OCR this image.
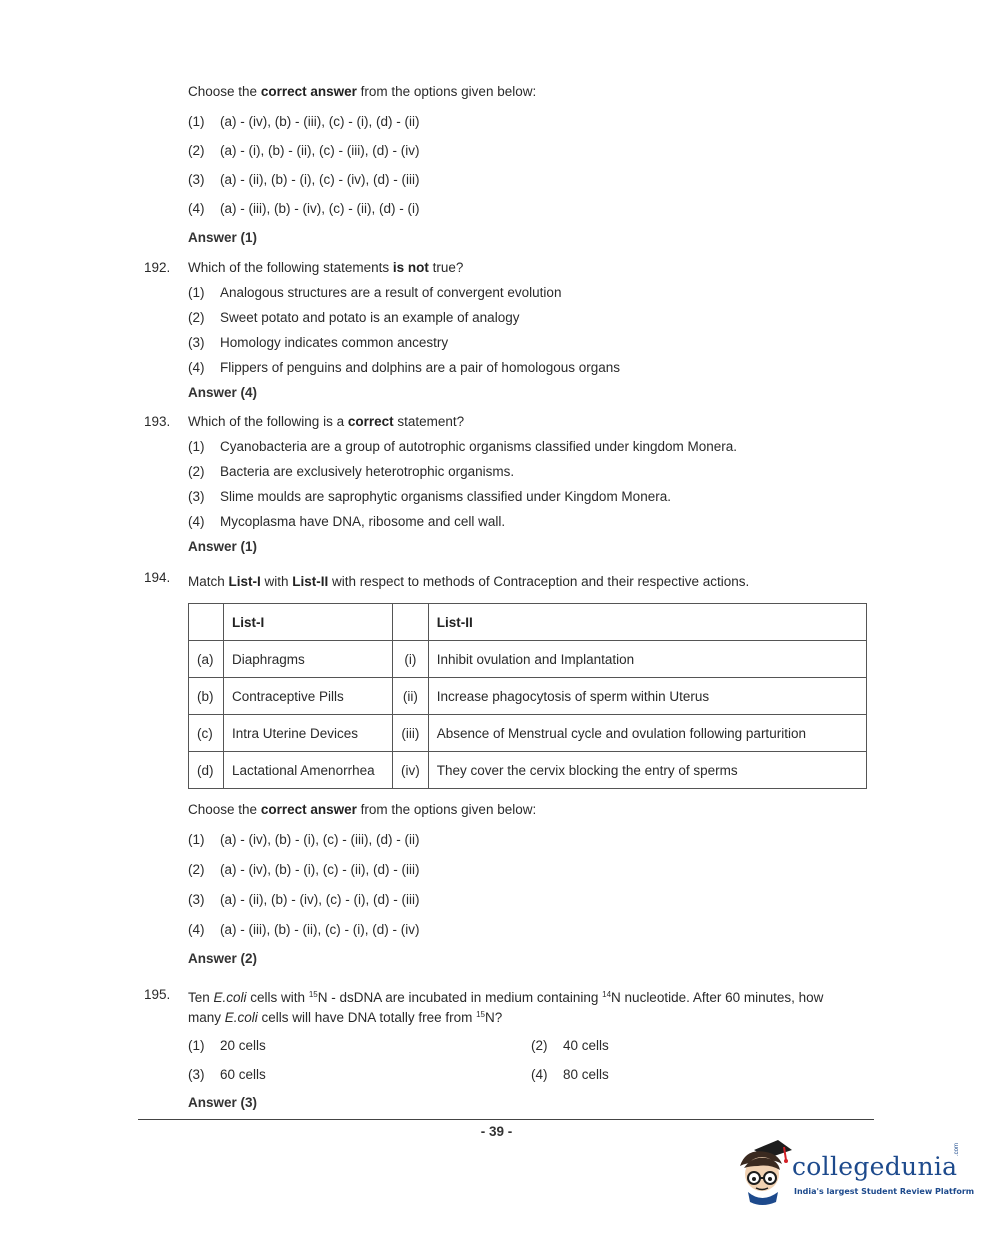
Choose the correct answer from the options given below:
(1) (a) - (iv), (b) - (iii), (c) - (i), (d) - (ii)
(2) (a) - (i), (b) - (ii), (c) - (iii), (d) - (iv)
(3) (a) - (ii), (b) - (i), (c) - (iv), (d) - (iii)
(4) (a) - (iii), (b) - (iv), (c) - (ii), (d) - (i)
Answer (1)
192. Which of the following statements is not true?
(1) Analogous structures are a result of convergent evolution
(2) Sweet potato and potato is an example of analogy
(3) Homology indicates common ancestry
(4) Flippers of penguins and dolphins are a pair of homologous organs
Answer (4)
193. Which of the following is a correct statement?
(1) Cyanobacteria are a group of autotrophic organisms classified under kingdom Monera.
(2) Bacteria are exclusively heterotrophic organisms.
(3) Slime moulds are saprophytic organisms classified under Kingdom Monera.
(4) Mycoplasma have DNA, ribosome and cell wall.
Answer (1)
194. Match List-I with List-II with respect to methods of Contraception and their respective actions.
	List-I		List-II
(a)	Diaphragms	(i)	Inhibit ovulation and Implantation
(b)	Contraceptive Pills	(ii)	Increase phagocytosis of sperm within Uterus
(c)	Intra Uterine Devices	(iii)	Absence of Menstrual cycle and ovulation following parturition
(d)	Lactational Amenorrhea	(iv)	They cover the cervix blocking the entry of sperms
Choose the correct answer from the options given below:
(1) (a) - (iv), (b) - (i), (c) - (iii), (d) - (ii)
(2) (a) - (iv), (b) - (i), (c) - (ii), (d) - (iii)
(3) (a) - (ii), (b) - (iv), (c) - (i), (d) - (iii)
(4) (a) - (iii), (b) - (ii), (c) - (i), (d) - (iv)
Answer (2)
195. Ten E.coli cells with $^{15}$N - dsDNA are incubated in medium containing $^{14}$N nucleotide. After 60 minutes, how
many E.coli cells will have DNA totally free from $^{15}$N?
(1) 20 cells	(2) 40 cells
(3) 60 cells	(4) 80 cells
Answer (3)
- 39 -
collegedunia
.com
India's largest Student Review Platform
